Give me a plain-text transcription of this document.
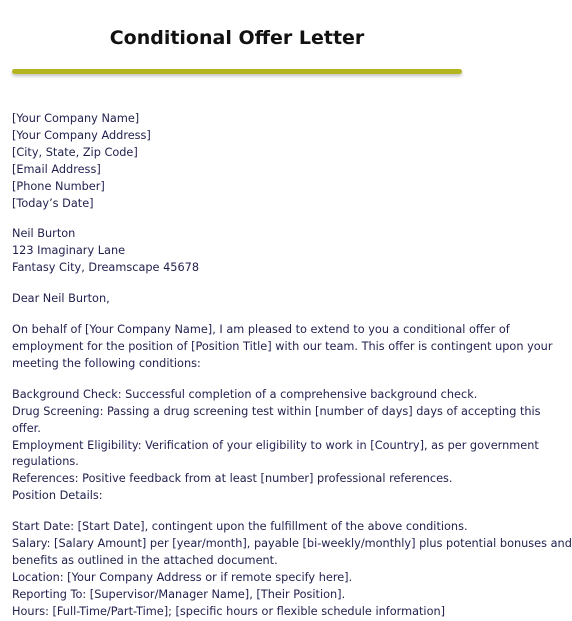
Conditional Offer Letter
[Your Company Name]
[Your Company Address]
[City, State, Zip Code]
[Email Address]
[Phone Number]
[Today’s Date]
Neil Burton
123 Imaginary Lane
Fantasy City, Dreamscape 45678
Dear Neil Burton,
On behalf of [Your Company Name], I am pleased to extend to you a conditional offer of
employment for the position of [Position Title] with our team. This offer is contingent upon your
meeting the following conditions:
Background Check: Successful completion of a comprehensive background check.
Drug Screening: Passing a drug screening test within [number of days] days of accepting this
offer.
Employment Eligibility: Verification of your eligibility to work in [Country], as per government
regulations.
References: Positive feedback from at least [number] professional references.
Position Details:
Start Date: [Start Date], contingent upon the fulfillment of the above conditions.
Salary: [Salary Amount] per [year/month], payable [bi-weekly/monthly] plus potential bonuses and
benefits as outlined in the attached document.
Location: [Your Company Address or if remote specify here].
Reporting To: [Supervisor/Manager Name], [Their Position].
Hours: [Full-Time/Part-Time]; [specific hours or flexible schedule information]
